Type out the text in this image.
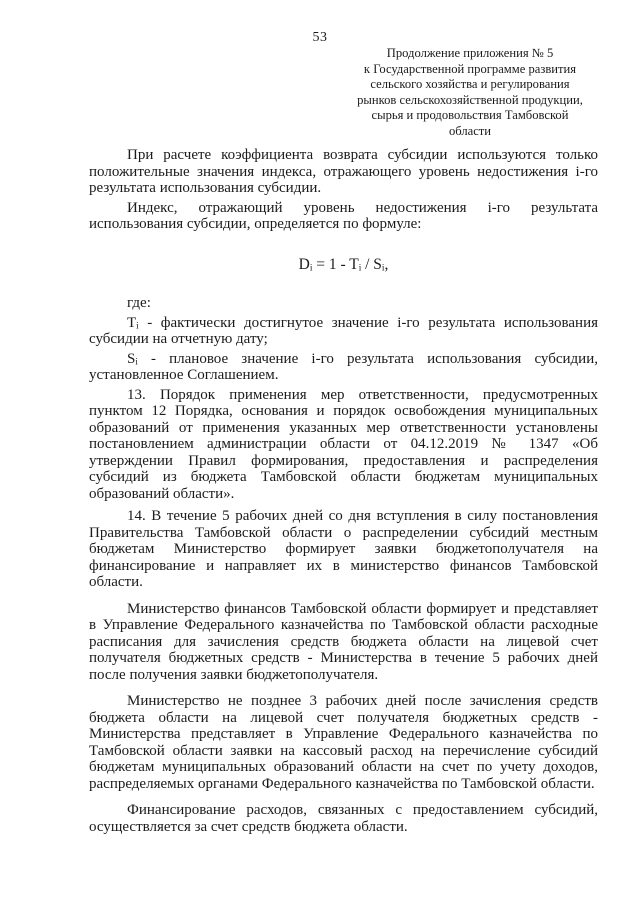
53
Продолжение приложения № 5
к Государственной программе развития
сельского хозяйства и регулирования
рынков сельскохозяйственной продукции,
сырья и продовольствия Тамбовской
области

При расчете коэффициента возврата субсидии используются только положительные значения индекса, отражающего уровень недостижения i-го результата использования субсидии.

Индекс, отражающий уровень недостижения i-го результата использования субсидии, определяется по формуле:

Dᵢ = 1 - Tᵢ / Sᵢ,

где:

Tᵢ - фактически достигнутое значение i-го результата использования субсидии на отчетную дату;

Sᵢ - плановое значение i-го результата использования субсидии, установленное Соглашением.

13. Порядок применения мер ответственности, предусмотренных пунктом 12 Порядка, основания и порядок освобождения муниципальных образований от применения указанных мер ответственности установлены постановлением администрации области от 04.12.2019 № 1347 «Об утверждении Правил формирования, предоставления и распределения субсидий из бюджета Тамбовской области бюджетам муниципальных образований области».

14. В течение 5 рабочих дней со дня вступления в силу постановления Правительства Тамбовской области о распределении субсидий местным бюджетам Министерство формирует заявки бюджетополучателя на финансирование и направляет их в министерство финансов Тамбовской области.

Министерство финансов Тамбовской области формирует и представляет в Управление Федерального казначейства по Тамбовской области расходные расписания для зачисления средств бюджета области на лицевой счет получателя бюджетных средств - Министерства в течение 5 рабочих дней после получения заявки бюджетополучателя.

Министерство не позднее 3 рабочих дней после зачисления средств бюджета области на лицевой счет получателя бюджетных средств - Министерства представляет в Управление Федерального казначейства по Тамбовской области заявки на кассовый расход на перечисление субсидий бюджетам муниципальных образований области на счет по учету доходов, распределяемых органами Федерального казначейства по Тамбовской области.

Финансирование расходов, связанных с предоставлением субсидий, осуществляется за счет средств бюджета области.
